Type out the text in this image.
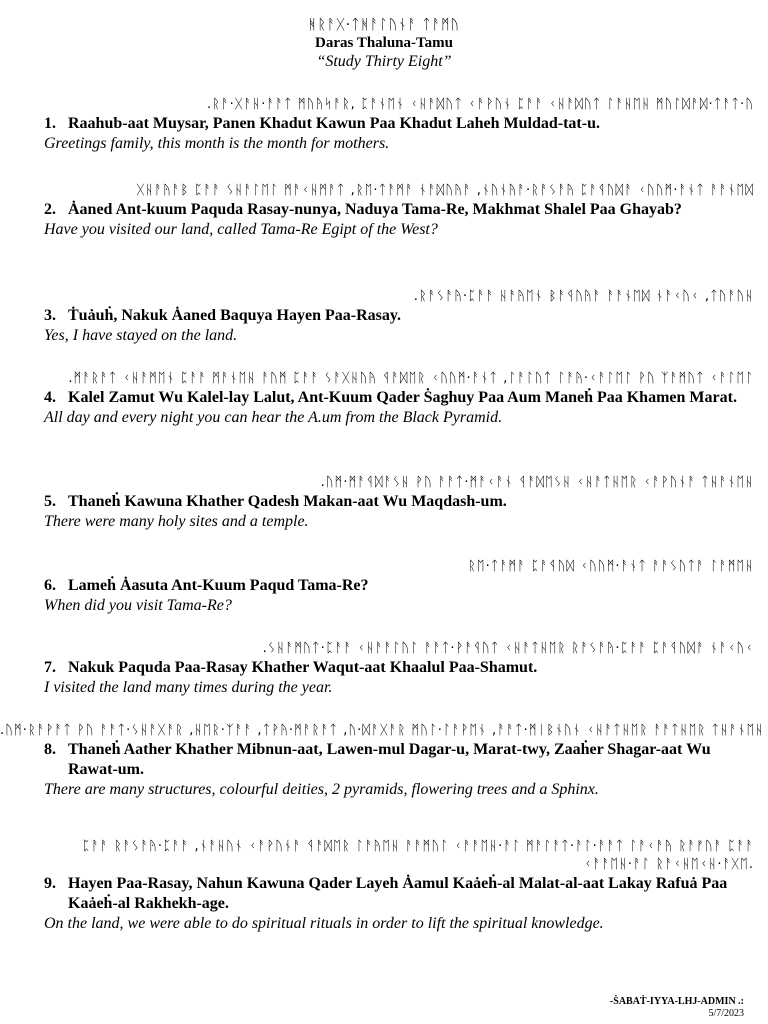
ᚻᚱᚨᚷ·ᛏᚻᚨᛚᚢᚾᚨ ᛏᚨᛗᚢ
Daras Thaluna-Tamu
“Study Thirty Eight”
.ᚱᚨ·ᚷᚨᚺ·ᚨᚨᛏ ᛗᚢᚤᛋᚨᚱ, ᛈᚨᚾᛖᚾ ᚲᚺᚨᛞᚢᛏ ᚲᚨᚹᚢᚾ ᛈᚨᚨ ᚲᚺᚨᛞᚢᛏ ᛚᚨᚺᛖᚺ ᛗᚢᛚᛞᚨᛞ·ᛏᚨᛏ·ᚢ
1. Raahub-aat Muysar, Panen Khadut Kawun Paa Khadut Laheh Muldad-tat-u.
Greetings family, this month is the month for mothers.
ᚷᚺᚨᚤᚨᛒ ᛈᚨᚨ ᛊᚺᚨᛚᛖᛚ ᛗᚨᚲᚺᛗᚨᛏ ,ᚱᛖ·ᛏᚨᛗᚨ ᚾᚨᛞᚢᚤᚨ ,ᚾᚢᚾᚤᚨ·ᚱᚨᛊᚨᚤ ᛈᚨᛩᚢᛞᚨ ᚲᚢᚢᛗ·ᚨᚾᛏ ᚨᚨᚾᛖᛞ
2. Ȧaned Ant-kuum Paquda Rasay-nunya, Naduya Tama-Re, Makhmat Shalel Paa Ghayab?
Have you visited our land, called Tama-Re Egipt of the West?
.ᚱᚨᛊᚨᚤ·ᛈᚨᚨ ᚺᚨᚤᛖᚾ ᛒᚨᛩᚢᚤᚨ ᚨᚨᚾᛖᛞ ᚾᚨᚲᚢᚲ ,ᛏᚢᚨᚢᚺ
3. Ṫuȧuḣ, Nakuk Ȧaned Baquya Hayen Paa-Rasay.
Yes, I have stayed on the land.
.ᛗᚨᚱᚨᛏ ᚲᚺᚨᛗᛖᚾ ᛈᚨᚨ ᛗᚨᚾᛖᚺ ᚨᚢᛗ ᛈᚨᚨ ᛊᚨᚷᚺᚢᚤ ᛩᚨᛞᛖᚱ ᚲᚢᚢᛗ·ᚨᚾᛏ ,ᛚᚨᛚᚢᛏ ᛚᚨᚤ·ᚲᚨᛚᛖᛚ ᚹᚢ ᛉᚨᛗᚢᛏ ᚲᚨᛚᛖᛚ
4. Kalel Zamut Wu Kalel-lay Lalut, Ant-Kuum Qader Ṡaghuy Paa Aum Maneḣ Paa Khamen Marat.
All day and every night you can hear the A.um from the Black Pyramid.
.ᚢᛗ·ᛗᚨᛩᛞᚨᛊᚺ ᚹᚢ ᚨᚨᛏ·ᛗᚨᚲᚨᚾ ᛩᚨᛞᛖᛊᚺ ᚲᚺᚨᛏᚺᛖᚱ ᚲᚨᚹᚢᚾᚨ ᛏᚺᚨᚾᛖᚺ
5. Thaneḣ Kawuna Khather Qadesh Makan-aat Wu Maqdash-um.
There were many holy sites and a temple.
ᚱᛖ·ᛏᚨᛗᚨ ᛈᚨᛩᚢᛞ ᚲᚢᚢᛗ·ᚨᚾᛏ ᚨᚨᛊᚢᛏᚨ ᛚᚨᛗᛖᚺ
6. Lameḣ Ȧasuta Ant-Kuum Paqud Tama-Re?
When did you visit Tama-Re?
.ᛊᚺᚨᛗᚢᛏ·ᛈᚨᚨ ᚲᚺᚨᚨᛚᚢᛚ ᚨᚨᛏ·ᚹᚨᛩᚢᛏ ᚲᚺᚨᛏᚺᛖᚱ ᚱᚨᛊᚨᚤ·ᛈᚨᚨ ᛈᚨᛩᚢᛞᚨ ᚾᚨᚲᚢᚲ
7. Nakuk Paquda Paa-Rasay Khather Waqut-aat Khaalul Paa-Shamut.
I visited the land many times during the year.
.ᚢᛗ·ᚱᚨᚹᚨᛏ ᚹᚢ ᚨᚨᛏ·ᛊᚺᚨᚷᚨᚱ ,ᚺᛖᚱ·ᛉᚨᚨ ,ᛏᚹᚤ·ᛗᚨᚱᚨᛏ ,ᚢ·ᛞᚨᚷᚨᚱ ᛗᚢᛚ·ᛚᚨᚹᛖᚾ ,ᚨᚨᛏ·ᛗᛁᛒᚾᚢᚾ ᚲᚺᚨᛏᚺᛖᚱ ᚨᚨᛏᚺᛖᚱ ᛏᚺᚨᚾᛖᚺ
8. Thaneḣ Aather Khather Mibnun-aat, Lawen-mul Dagar-u, Marat-twy, Zaaḣer Shagar-aat Wu Rawat-um.
There are many structures, colourful deities, 2 pyramids, flowering trees and a Sphinx.
ᛈᚨᚨ ᚱᚨᛊᚨᚤ·ᛈᚨᚨ ,ᚾᚨᚺᚢᚾ ᚲᚨᚹᚢᚾᚨ ᛩᚨᛞᛖᚱ ᛚᚨᚤᛖᚺ ᚨᚨᛗᚢᛚ ᚲᚨᚨᛖᚺ·ᚨᛚ ᛗᚨᛚᚨᛏ·ᚨᛚ·ᚨᚨᛏ ᛚᚨᚲᚨᚤ ᚱᚨᚠᚢᚨ ᛈᚨᚨ ᚲᚨᚨᛖᚺ·ᚨᛚ ᚱᚨᚲᚺᛖᚲᚺ·ᚨᚷᛖ.
9. Hayen Paa-Rasay, Nahun Kawuna Qader Layeh Ȧamul Kaȧeḣ-al Malat-al-aat Lakay Rafuȧ Paa Kaȧeḣ-al Rakhekh-age.
On the land, we were able to do spiritual rituals in order to lift the spiritual knowledge.
-ṠABAṪ-IYYA-LHJ-ADMIN .:
5/7/2023
